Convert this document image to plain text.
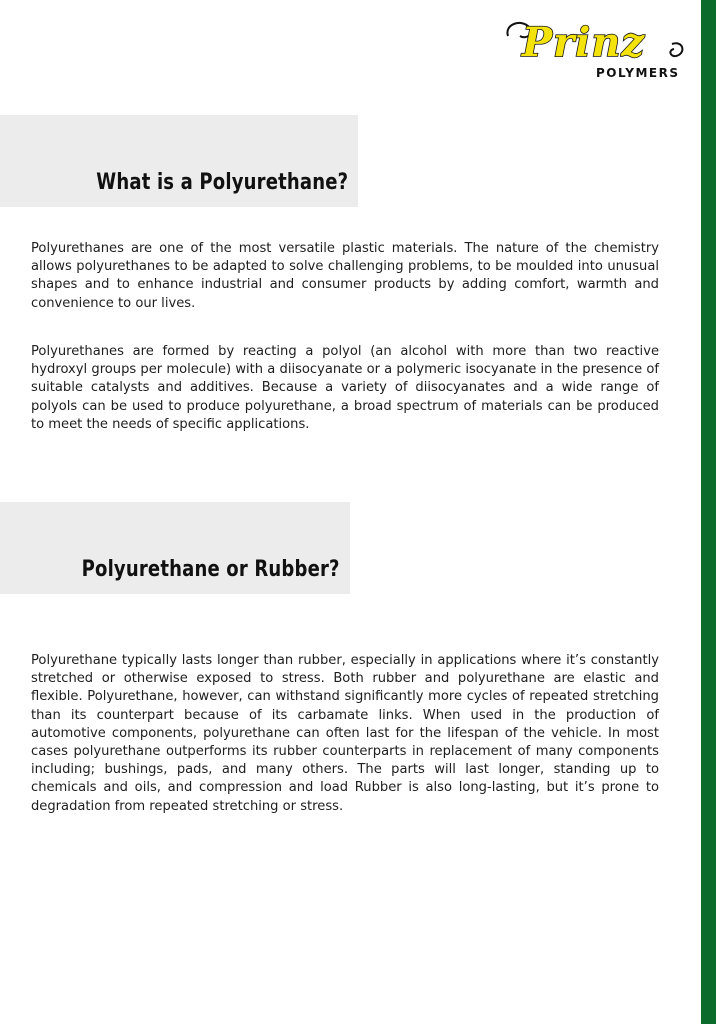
Prinz
POLYMERS
What is a Polyurethane?

Polyurethanes are one of the most versatile plastic materials. The nature of the chemistry allows polyurethanes to be adapted to solve challenging problems, to be moulded into unusual shapes and to enhance industrial and consumer products by adding comfort, warmth and convenience to our lives.

Polyurethanes are formed by reacting a polyol (an alcohol with more than two reactive hydroxyl groups per molecule) with a diisocyanate or a polymeric isocyanate in the presence of suitable catalysts and additives. Because a variety of diisocyanates and a wide range of polyols can be used to produce polyurethane, a broad spectrum of materials can be produced to meet the needs of specific applications.

Polyurethane or Rubber?

Polyurethane typically lasts longer than rubber, especially in applications where it’s constantly stretched or otherwise exposed to stress. Both rubber and polyurethane are elastic and flexible. Polyurethane, however, can withstand significantly more cycles of repeated stretching than its counterpart because of its carbamate links. When used in the production of automotive components, polyurethane can often last for the lifespan of the vehicle. In most cases polyurethane outperforms its rubber counterparts in replacement of many components including; bushings, pads, and many others. The parts will last longer, standing up to chemicals and oils, and compression and load Rubber is also long-lasting, but it’s prone to degradation from repeated stretching or stress.
